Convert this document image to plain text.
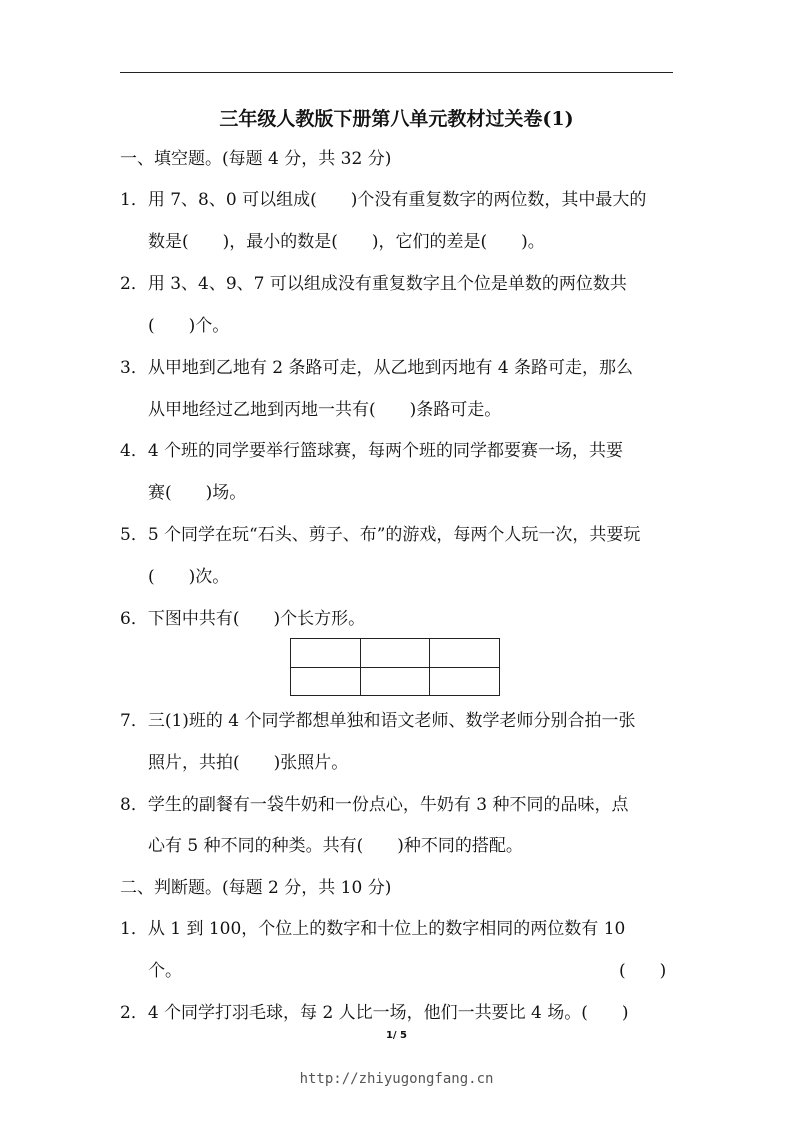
三年级人教版下册第八单元教材过关卷(1)
一、填空题。(每题 4 分，共 32 分)
1．用 7、8、0 可以组成(　　)个没有重复数字的两位数，其中最大的
数是(　　)，最小的数是(　　)，它们的差是(　　)。
2．用 3、4、9、7 可以组成没有重复数字且个位是单数的两位数共
(　　)个。
3．从甲地到乙地有 2 条路可走，从乙地到丙地有 4 条路可走，那么
从甲地经过乙地到丙地一共有(　　)条路可走。
4．4 个班的同学要举行篮球赛，每两个班的同学都要赛一场，共要
赛(　　)场。
5．5 个同学在玩“石头、剪子、布”的游戏，每两个人玩一次，共要玩
(　　)次。
6．下图中共有(　　)个长方形。

7．三(1)班的 4 个同学都想单独和语文老师、数学老师分别合拍一张
照片，共拍(　　)张照片。
8．学生的副餐有一袋牛奶和一份点心，牛奶有 3 种不同的品味，点
心有 5 种不同的种类。共有(　　)种不同的搭配。
二、判断题。(每题 2 分，共 10 分)
1．从 1 到 100，个位上的数字和十位上的数字相同的两位数有 10
个。	(　　)
2．4 个同学打羽毛球，每 2 人比一场，他们一共要比 4 场。(　　)
1/ 5
http://zhiyugongfang.cn
